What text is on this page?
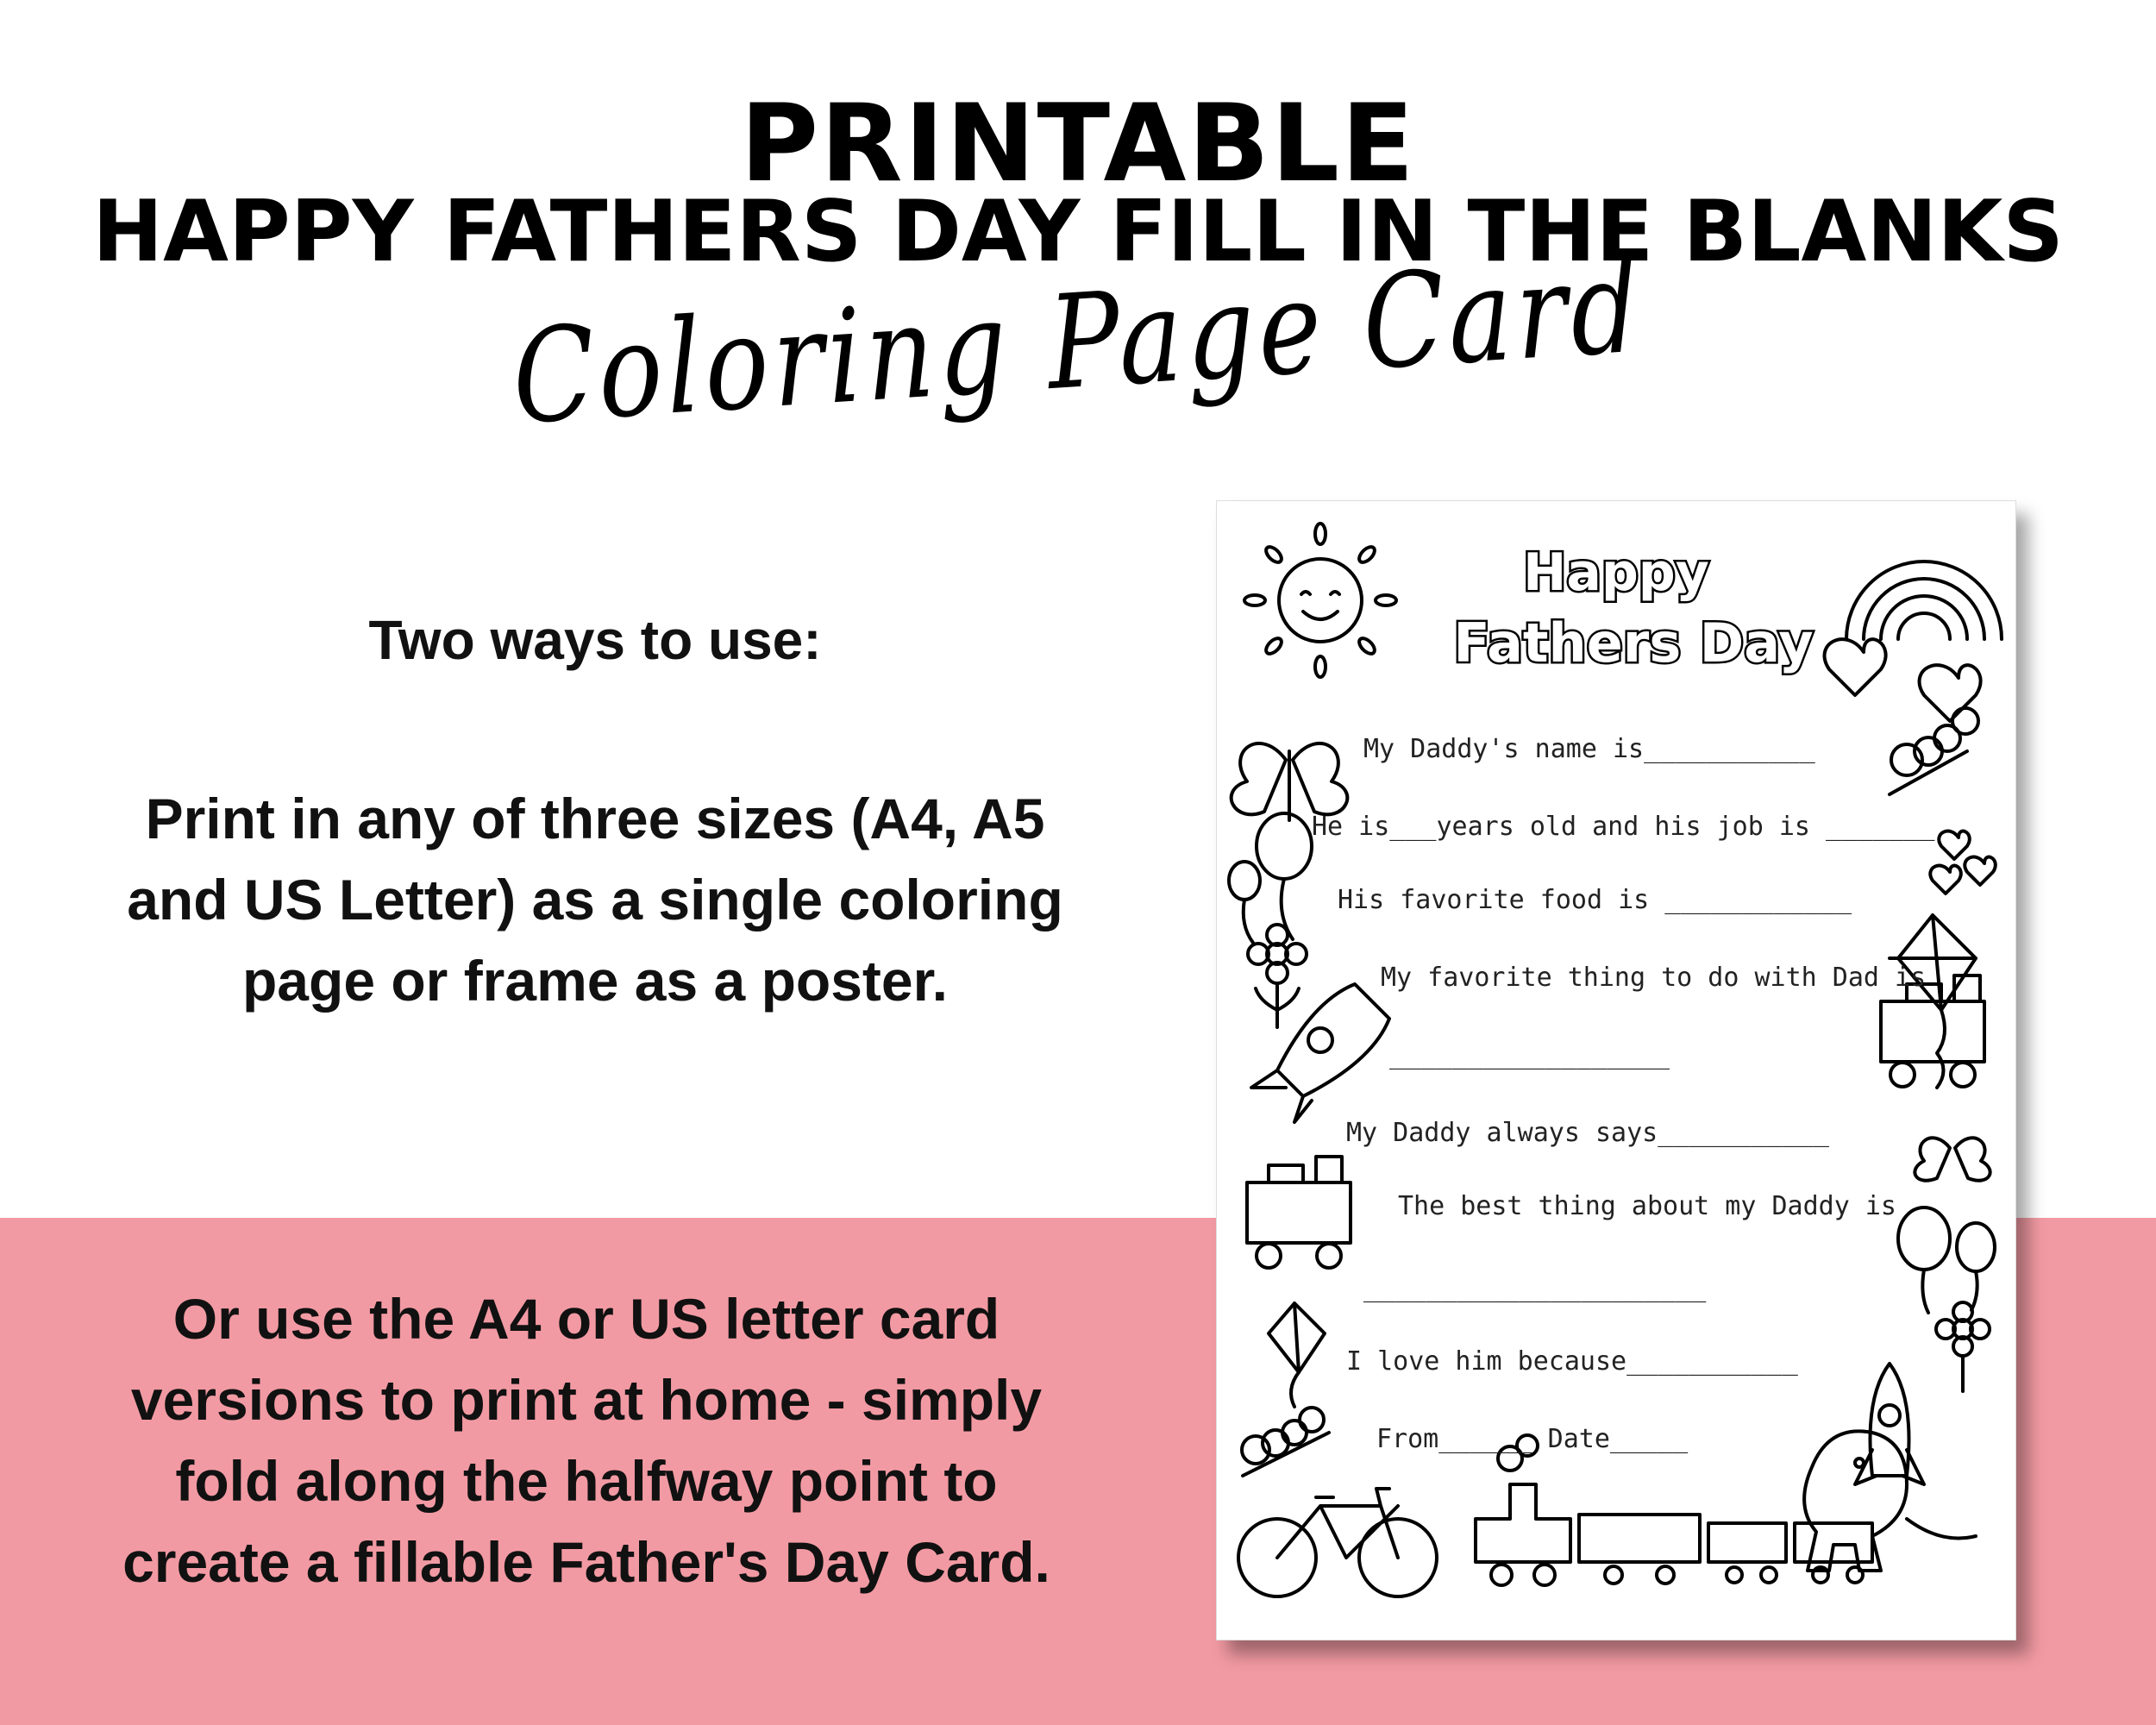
PRINTABLE
HAPPY FATHERS DAY FILL IN THE BLANKS
Coloring Page Card
Two ways to use:
Print in any of three sizes (A4, A5 and US Letter) as a single coloring page or frame as a poster.
Or use the A4 or US letter card versions to print at home - simply fold along the halfway point to create a fillable Father's Day Card.
Happy
Fathers Day
My Daddy's name is___________
He is___years old and his job is _______
His favorite food is ____________
My favorite thing to do with Dad is
__________________
My Daddy always says___________
The best thing about my Daddy is
______________________
I love him because___________
From______ Date_____
